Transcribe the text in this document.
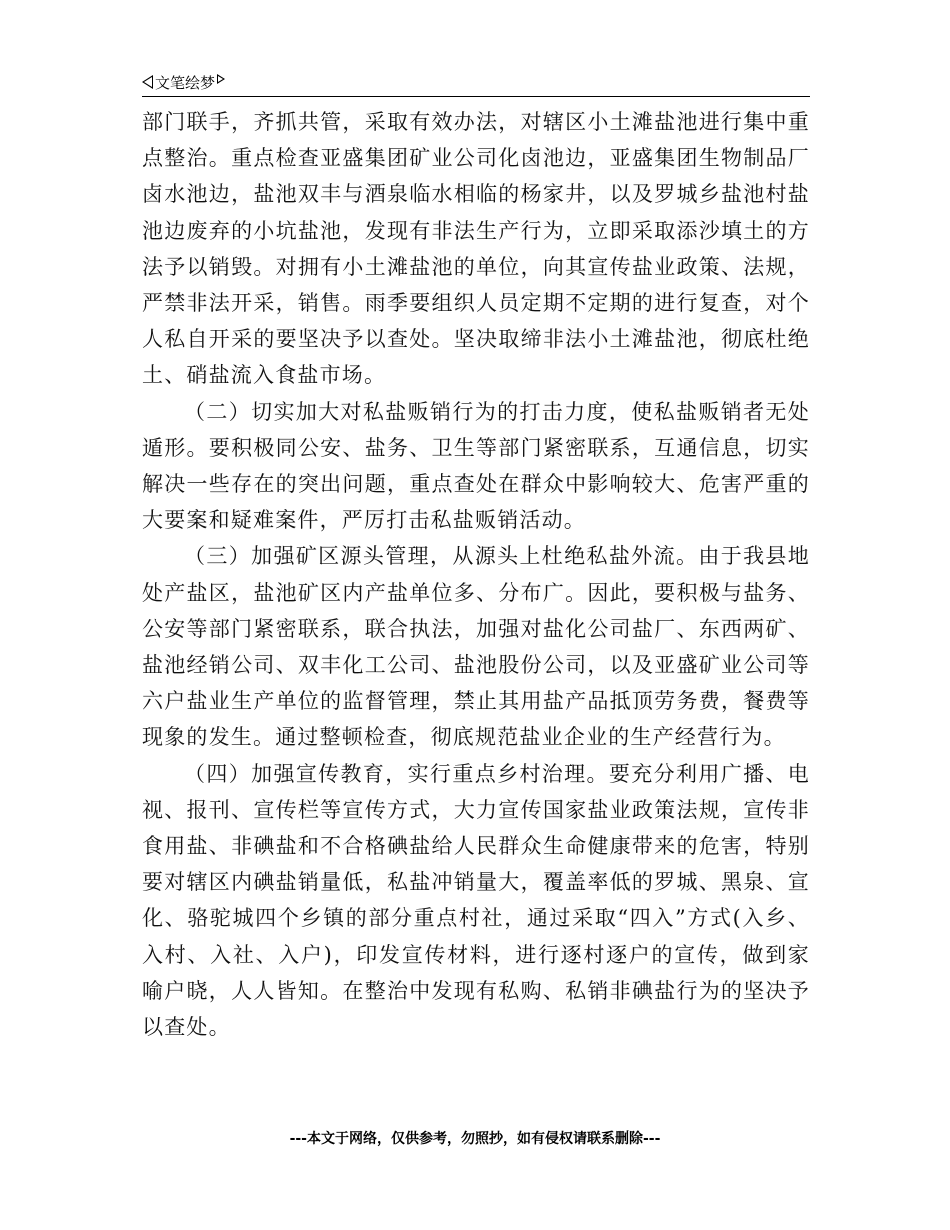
文笔绘梦

部门联手，齐抓共管，采取有效办法，对辖区小土滩盐池进行集中重点整治。重点检查亚盛集团矿业公司化卤池边，亚盛集团生物制品厂卤水池边，盐池双丰与酒泉临水相临的杨家井，以及罗城乡盐池村盐池边废弃的小坑盐池，发现有非法生产行为，立即采取添沙填土的方法予以销毁。对拥有小土滩盐池的单位，向其宣传盐业政策、法规，严禁非法开采，销售。雨季要组织人员定期不定期的进行复查，对个人私自开采的要坚决予以查处。坚决取缔非法小土滩盐池，彻底杜绝土、硝盐流入食盐市场。

（二）切实加大对私盐贩销行为的打击力度，使私盐贩销者无处遁形。要积极同公安、盐务、卫生等部门紧密联系，互通信息，切实解决一些存在的突出问题，重点查处在群众中影响较大、危害严重的大要案和疑难案件，严厉打击私盐贩销活动。

（三）加强矿区源头管理，从源头上杜绝私盐外流。由于我县地处产盐区，盐池矿区内产盐单位多、分布广。因此，要积极与盐务、公安等部门紧密联系，联合执法，加强对盐化公司盐厂、东西两矿、盐池经销公司、双丰化工公司、盐池股份公司，以及亚盛矿业公司等六户盐业生产单位的监督管理，禁止其用盐产品抵顶劳务费，餐费等现象的发生。通过整顿检查，彻底规范盐业企业的生产经营行为。

（四）加强宣传教育，实行重点乡村治理。要充分利用广播、电视、报刊、宣传栏等宣传方式，大力宣传国家盐业政策法规，宣传非食用盐、非碘盐和不合格碘盐给人民群众生命健康带来的危害，特别要对辖区内碘盐销量低，私盐冲销量大，覆盖率低的罗城、黑泉、宣化、骆驼城四个乡镇的部分重点村社，通过采取“四入”方式(入乡、入村、入社、入户)，印发宣传材料，进行逐村逐户的宣传，做到家喻户晓，人人皆知。在整治中发现有私购、私销非碘盐行为的坚决予以查处。

---本文于网络，仅供参考，勿照抄，如有侵权请联系删除---
